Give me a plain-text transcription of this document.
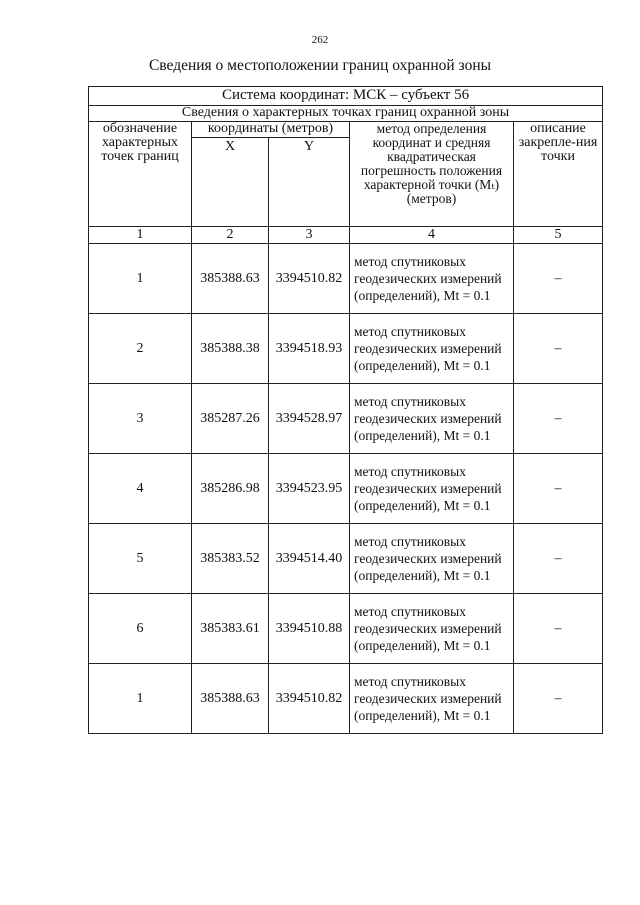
262
Сведения о местоположении границ охранной зоны
Система координат: МСК – субъект 56				
Сведения о характерных точках границ охранной зоны				
обозначение характерных точек границ	координаты (метров)		метод определения координат и средняя квадратическая погрешность положения характерной точки (Mₜ) (метров)	описание закрепле-ния точки
	X	Y		
1	2	3	4	5
1	385388.63	3394510.82	метод спутниковых геодезических измерений (определений), Mt = 0.1	–
2	385388.38	3394518.93	метод спутниковых геодезических измерений (определений), Mt = 0.1	–
3	385287.26	3394528.97	метод спутниковых геодезических измерений (определений), Mt = 0.1	–
4	385286.98	3394523.95	метод спутниковых геодезических измерений (определений), Mt = 0.1	–
5	385383.52	3394514.40	метод спутниковых геодезических измерений (определений), Mt = 0.1	–
6	385383.61	3394510.88	метод спутниковых геодезических измерений (определений), Mt = 0.1	–
1	385388.63	3394510.82	метод спутниковых геодезических измерений (определений), Mt = 0.1	–
